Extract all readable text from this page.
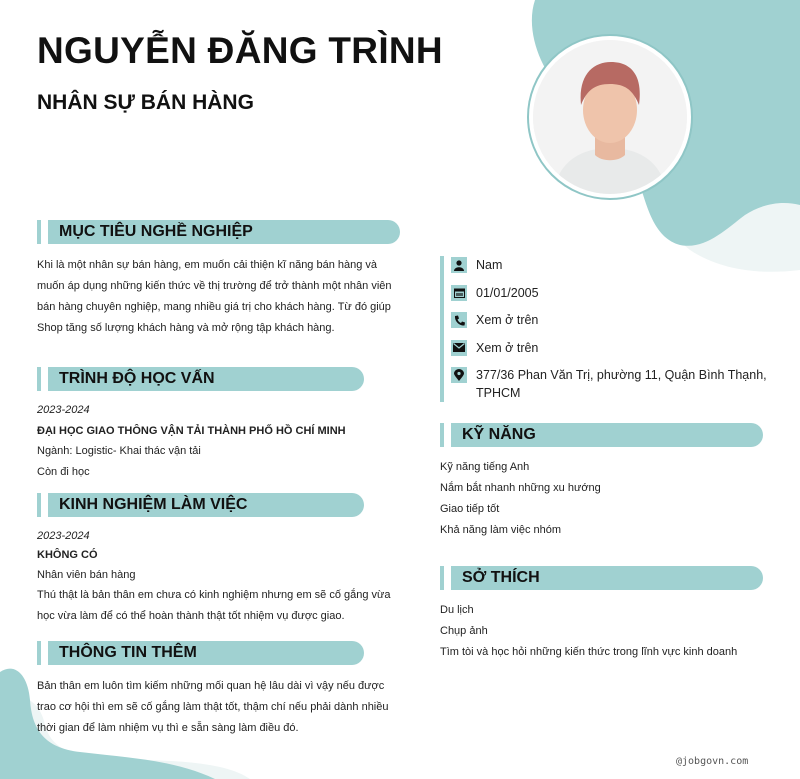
NGUYỄN ĐĂNG TRÌNH
NHÂN SỰ BÁN HÀNG
MỤC TIÊU NGHỀ NGHIỆP
Khi là một nhân sự bán hàng, em muốn cải thiện kĩ năng bán hàng và
muốn áp dụng những kiến thức về thị trường để trở thành một nhân viên
bán hàng chuyên nghiệp, mang nhiều giá trị cho khách hàng. Từ đó giúp
Shop tăng số lượng khách hàng và mở rộng tập khách hàng.
TRÌNH ĐỘ HỌC VẤN
2023-2024
ĐẠI HỌC GIAO THÔNG VẬN TẢI THÀNH PHỐ HỒ CHÍ MINH
Ngành: Logistic- Khai thác vận tải
Còn đi học
KINH NGHIỆM LÀM VIỆC
2023-2024
KHÔNG CÓ
Nhân viên bán hàng
Thú thật là bản thân em chưa có kinh nghiệm nhưng em sẽ cố gắng vừa
học vừa làm để có thể hoàn thành thật tốt nhiệm vụ được giao.
THÔNG TIN THÊM
Bản thân em luôn tìm kiếm những mối quan hệ lâu dài vì vậy nếu được
trao cơ hội thì em sẽ cố gắng làm thật tốt, thậm chí nếu phải dành nhiều
thời gian để làm nhiệm vụ thì e sẵn sàng làm điều đó.
Nam
01/01/2005
Xem ở trên
Xem ở trên
377/36 Phan Văn Trị, phường 11, Quận Bình Thạnh, TPHCM
KỸ NĂNG
Kỹ năng tiếng Anh
Nắm bắt nhanh những xu hướng
Giao tiếp tốt
Khả năng làm việc nhóm
SỞ THÍCH
Du lịch
Chụp ảnh
Tìm tòi và học hỏi những kiến thức trong lĩnh vực kinh doanh
@jobgovn.com
